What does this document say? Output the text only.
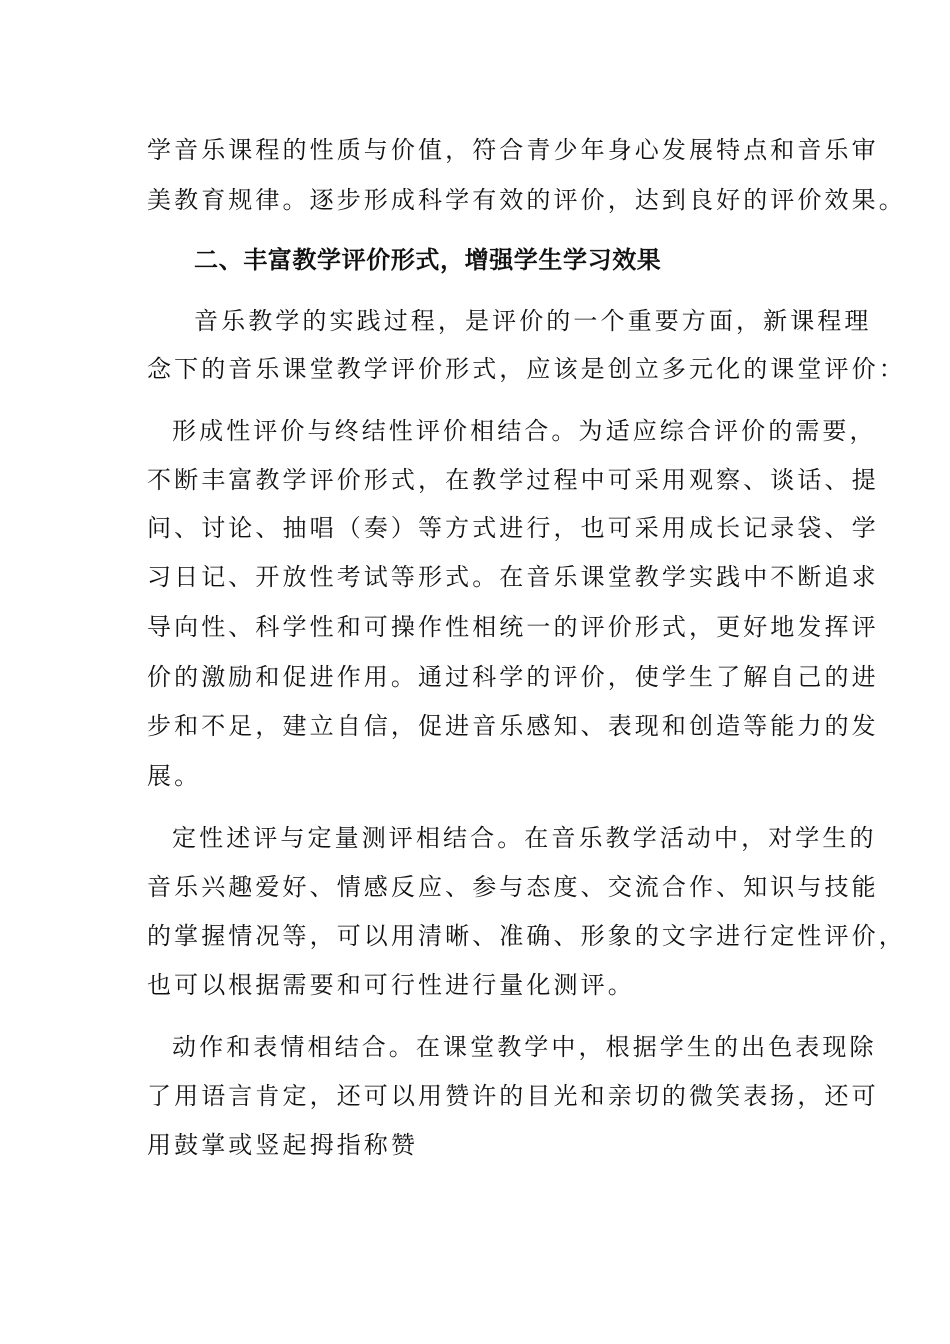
学音乐课程的性质与价值，符合青少年身心发展特点和音乐审
美教育规律。逐步形成科学有效的评价，达到良好的评价效果。
二、丰富教学评价形式，增强学生学习效果
音乐教学的实践过程，是评价的一个重要方面，新课程理
念下的音乐课堂教学评价形式，应该是创立多元化的课堂评价：
形成性评价与终结性评价相结合。为适应综合评价的需要，
不断丰富教学评价形式，在教学过程中可采用观察、谈话、提
问、讨论、抽唱（奏）等方式进行，也可采用成长记录袋、学
习日记、开放性考试等形式。在音乐课堂教学实践中不断追求
导向性、科学性和可操作性相统一的评价形式，更好地发挥评
价的激励和促进作用。通过科学的评价，使学生了解自己的进
步和不足，建立自信，促进音乐感知、表现和创造等能力的发
展。
定性述评与定量测评相结合。在音乐教学活动中，对学生的
音乐兴趣爱好、情感反应、参与态度、交流合作、知识与技能
的掌握情况等，可以用清晰、准确、形象的文字进行定性评价，
也可以根据需要和可行性进行量化测评。
动作和表情相结合。在课堂教学中，根据学生的出色表现除
了用语言肯定，还可以用赞许的目光和亲切的微笑表扬，还可
用鼓掌或竖起拇指称赞
